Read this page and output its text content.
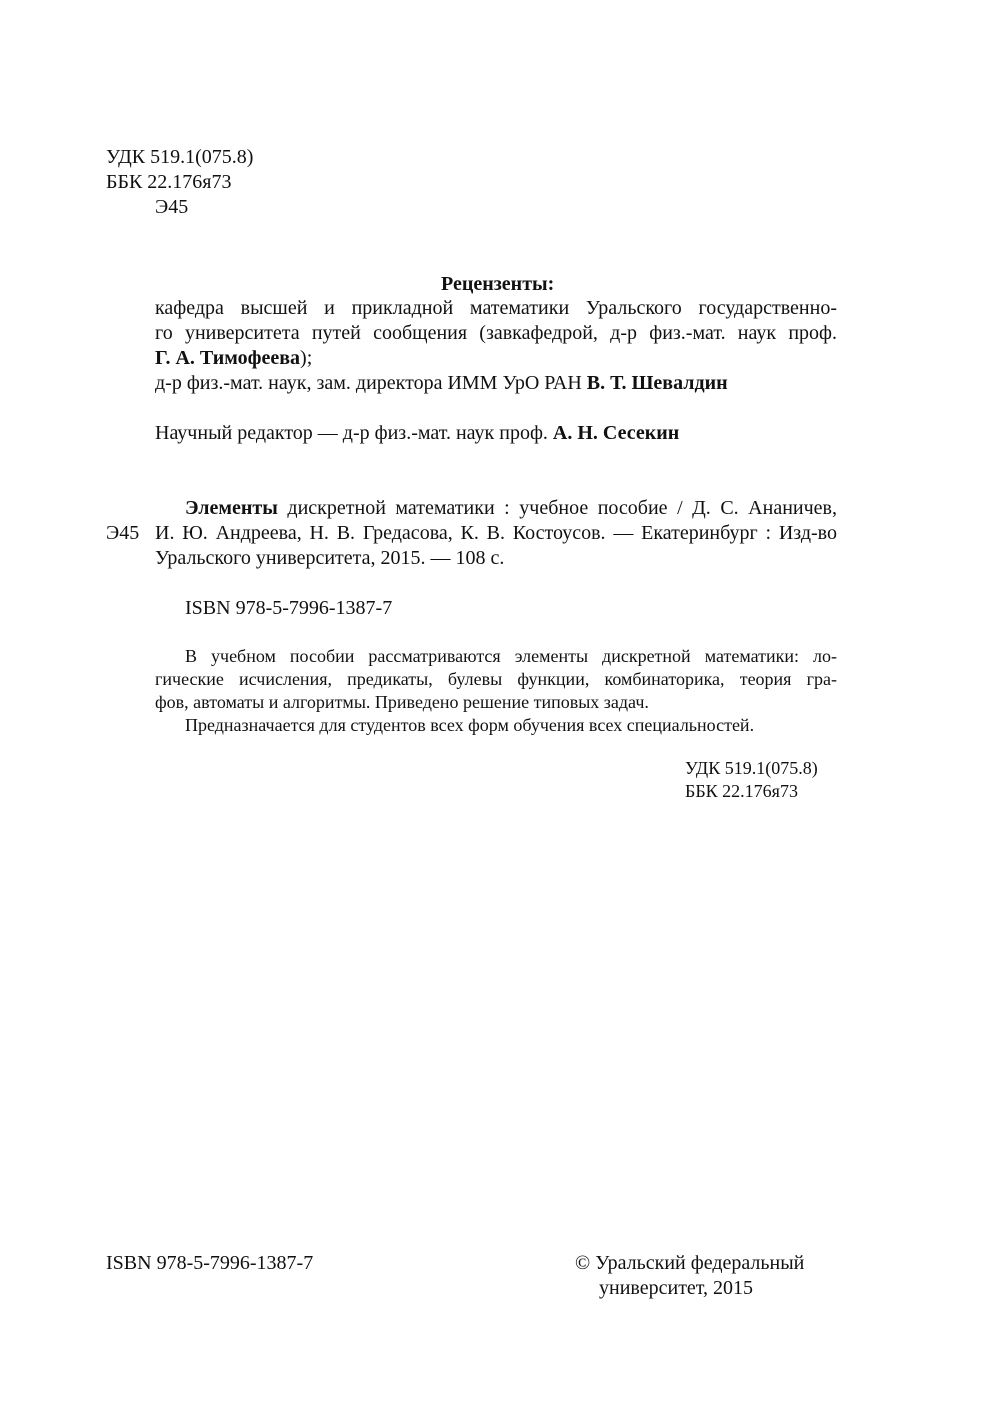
УДК 519.1(075.8)
ББК 22.176я73
Э45
Рецензенты:
кафедра высшей и прикладной математики Уральского государственно-
го университета путей сообщения (завкафедрой, д-р физ.-мат. наук проф.
Г. А. Тимофеева);
д-р физ.-мат. наук, зам. директора ИММ УрО РАН В. Т. Шевалдин
Научный редактор — д-р физ.-мат. наук проф. А. Н. Сесекин
Элементы дискретной математики : учебное пособие / Д. С. Ананичев,
Э45 И. Ю. Андреева, Н. В. Гредасова, К. В. Костоусов. — Екатеринбург : Изд-во
Уральского университета, 2015. — 108 с.
ISBN 978-5-7996-1387-7
В учебном пособии рассматриваются элементы дискретной математики: ло-
гические исчисления, предикаты, булевы функции, комбинаторика, теория гра-
фов, автоматы и алгоритмы. Приведено решение типовых задач.
Предназначается для студентов всех форм обучения всех специальностей.
УДК 519.1(075.8)
ББК 22.176я73
ISBN 978-5-7996-1387-7	© Уральский федеральный
университет, 2015
